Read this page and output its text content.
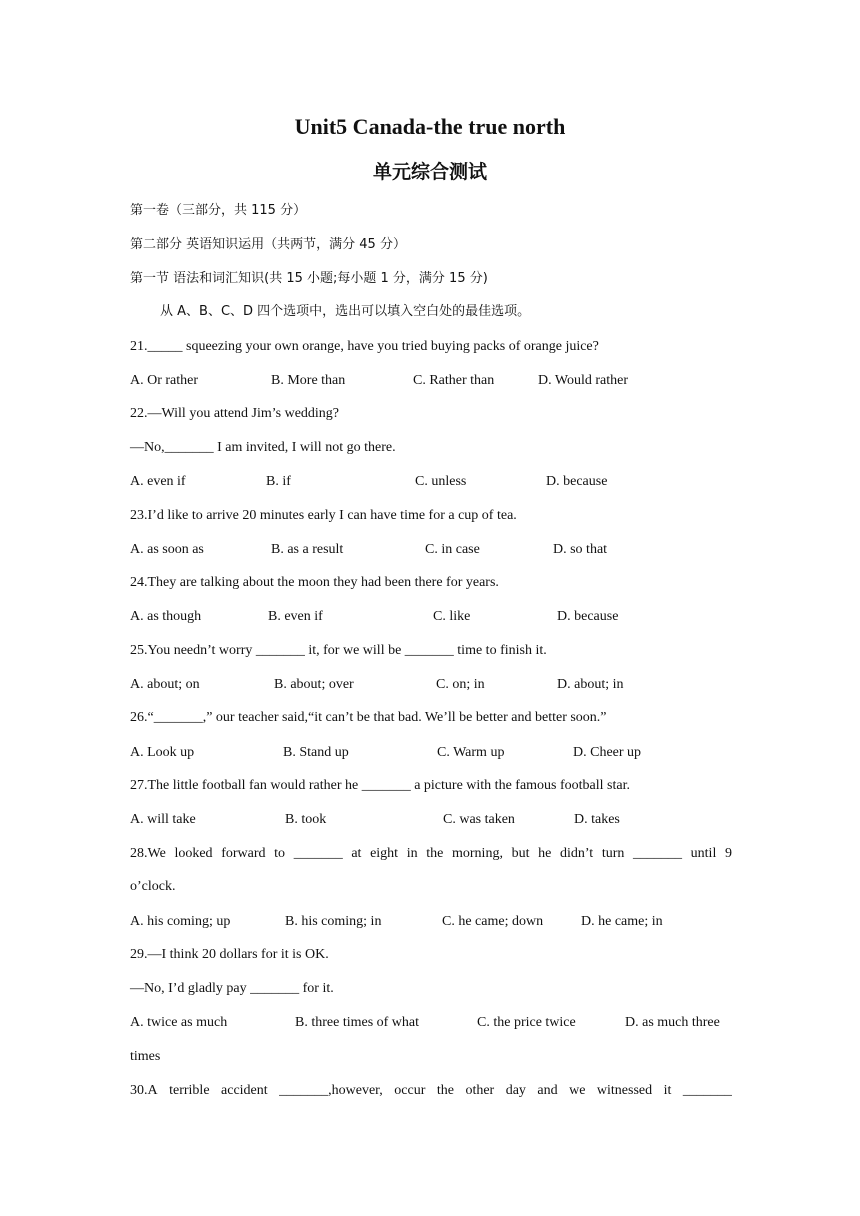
Unit5 Canada-the true north
单元综合测试
第一卷（三部分，共 115 分）
第二部分 英语知识运用（共两节，满分 45 分）
第一节 语法和词汇知识(共 15 小题;每小题 1 分，满分 15 分)
从 A、B、C、D 四个选项中，选出可以填入空白处的最佳选项。
21._____ squeezing your own orange, have you tried buying packs of orange juice?
A. Or rather	B. More than	C. Rather than	D. Would rather
22.—Will you attend Jim’s wedding?
—No,_______ I am invited, I will not go there.
A. even if	B. if	C. unless	D. because
23.I’d like to arrive 20 minutes early I can have time for a cup of tea.
A. as soon as	B. as a result	C. in case	D. so that
24.They are talking about the moon they had been there for years.
A. as though	B. even if	C. like	D. because
25.You needn’t worry _______ it, for we will be _______ time to finish it.
A. about; on	B. about; over	C. on; in	D. about; in
26.“_______,” our teacher said,“it can’t be that bad. We’ll be better and better soon.”
A. Look up	B. Stand up	C. Warm up	D. Cheer up
27.The little football fan would rather he _______ a picture with the famous football star.
A. will take	B. took	C. was taken	D. takes
28.We looked forward to _______ at eight in the morning, but he didn’t turn _______ until 9
o’clock.
A. his coming; up	B. his coming; in	C. he came; down	D. he came; in
29.—I think 20 dollars for it is OK.
—No, I’d gladly pay _______ for it.
A. twice as much	B. three times of what	C. the price twice	D. as much three
times
30.A terrible accident _______,however, occur the other day and we witnessed it _______
